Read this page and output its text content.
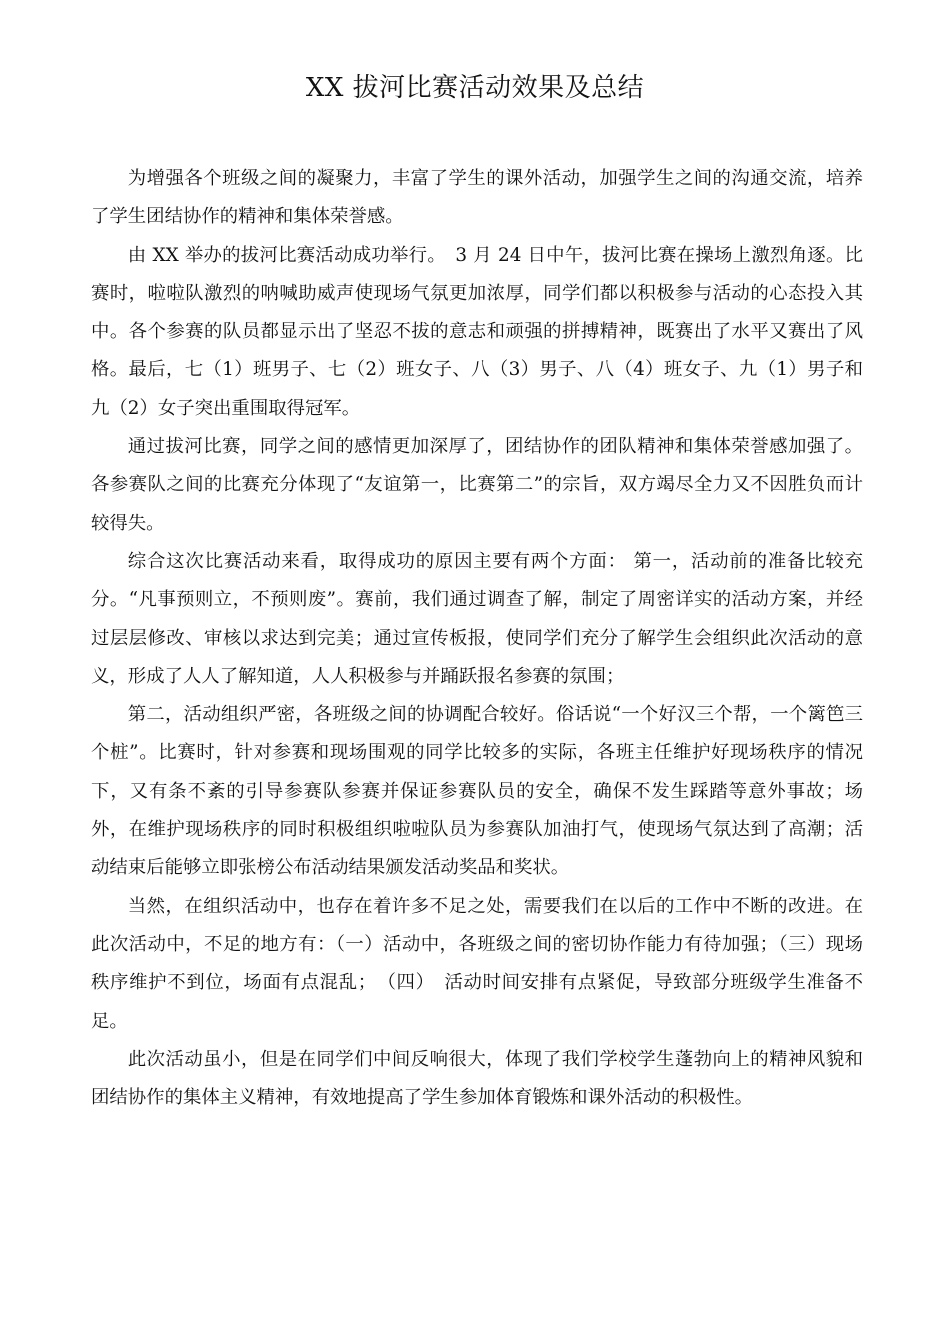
XX 拔河比赛活动效果及总结

为增强各个班级之间的凝聚力，丰富了学生的课外活动，加强学生之间的沟通交流，培养了学生团结协作的精神和集体荣誉感。

由 XX 举办的拔河比赛活动成功举行。　3 月 24 日中午，拔河比赛在操场上激烈角逐。比赛时，啦啦队激烈的呐喊助威声使现场气氛更加浓厚，同学们都以积极参与活动的心态投入其中。各个参赛的队员都显示出了坚忍不拔的意志和顽强的拼搏精神，既赛出了水平又赛出了风格。最后，七（1）班男子、七（2）班女子、八（3）男子、八（4）班女子、九（1）男子和九（2）女子突出重围取得冠军。

通过拔河比赛，同学之间的感情更加深厚了，团结协作的团队精神和集体荣誉感加强了。各参赛队之间的比赛充分体现了“友谊第一，比赛第二”的宗旨，双方竭尽全力又不因胜负而计较得失。

综合这次比赛活动来看，取得成功的原因主要有两个方面： 第一，活动前的准备比较充分。“凡事预则立，不预则废”。赛前，我们通过调查了解，制定了周密详实的活动方案，并经过层层修改、审核以求达到完美；通过宣传板报，使同学们充分了解学生会组织此次活动的意义，形成了人人了解知道，人人积极参与并踊跃报名参赛的氛围；

第二，活动组织严密，各班级之间的协调配合较好。俗话说“一个好汉三个帮，一个篱笆三个桩”。比赛时，针对参赛和现场围观的同学比较多的实际，各班主任维护好现场秩序的情况下，又有条不紊的引导参赛队参赛并保证参赛队员的安全，确保不发生踩踏等意外事故；场外，在维护现场秩序的同时积极组织啦啦队员为参赛队加油打气，使现场气氛达到了高潮；活动结束后能够立即张榜公布活动结果颁发活动奖品和奖状。

当然，在组织活动中，也存在着许多不足之处，需要我们在以后的工作中不断的改进。在此次活动中，不足的地方有：（一）活动中，各班级之间的密切协作能力有待加强；（三）现场秩序维护不到位，场面有点混乱；　（四）　活动时间安排有点紧促，导致部分班级学生准备不足。

此次活动虽小，但是在同学们中间反响很大，体现了我们学校学生蓬勃向上的精神风貌和团结协作的集体主义精神，有效地提高了学生参加体育锻炼和课外活动的积极性。
